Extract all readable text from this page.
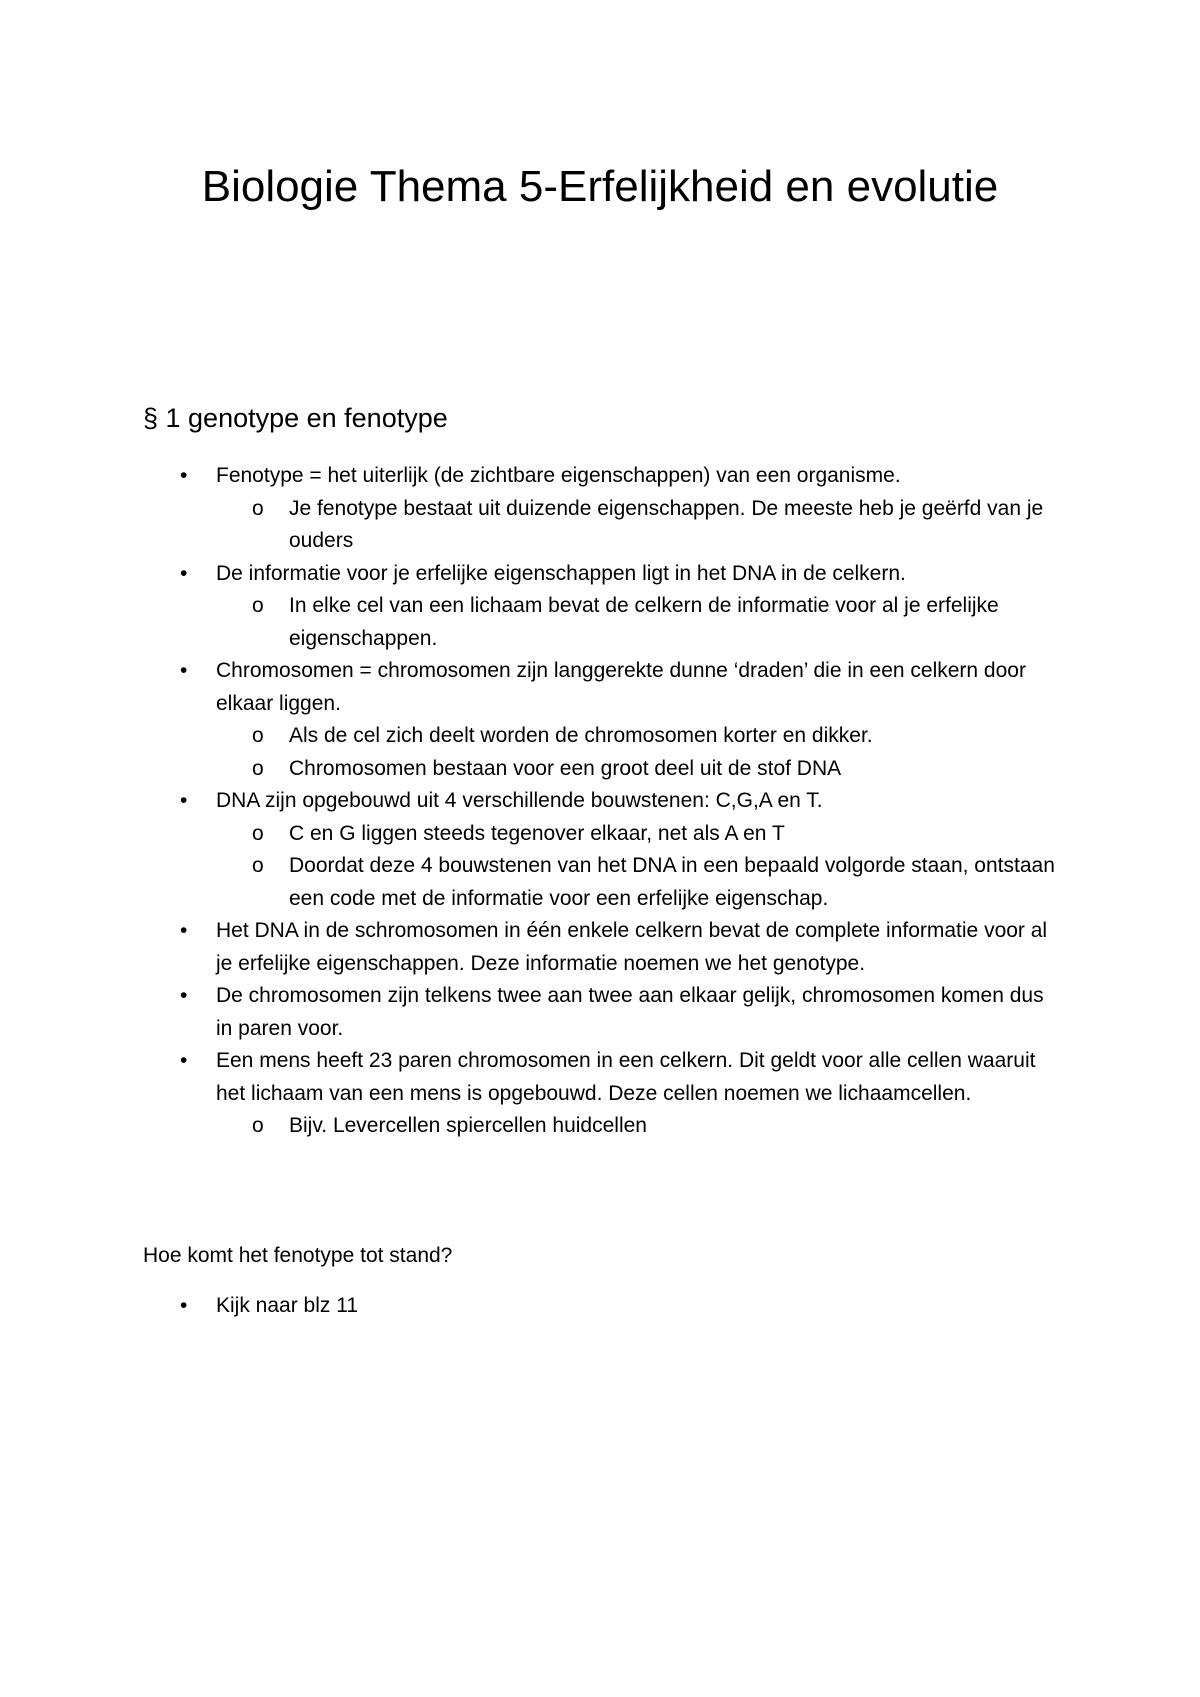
Biologie Thema 5-Erfelijkheid en evolutie
§ 1 genotype en fenotype
• Fenotype = het uiterlijk (de zichtbare eigenschappen) van een organisme.
o Je fenotype bestaat uit duizende eigenschappen. De meeste heb je geërfd van je ouders
• De informatie voor je erfelijke eigenschappen ligt in het DNA in de celkern.
o In elke cel van een lichaam bevat de celkern de informatie voor al je erfelijke eigenschappen.
• Chromosomen = chromosomen zijn langgerekte dunne ‘draden’ die in een celkern door elkaar liggen.
o Als de cel zich deelt worden de chromosomen korter en dikker.
o Chromosomen bestaan voor een groot deel uit de stof DNA
• DNA zijn opgebouwd uit 4 verschillende bouwstenen: C,G,A en T.
o C en G liggen steeds tegenover elkaar, net als A en T
o Doordat deze 4 bouwstenen van het DNA in een bepaald volgorde staan, ontstaan een code met de informatie voor een erfelijke eigenschap.
• Het DNA in de schromosomen in één enkele celkern bevat de complete informatie voor al je erfelijke eigenschappen. Deze informatie noemen we het genotype.
• De chromosomen zijn telkens twee aan twee aan elkaar gelijk, chromosomen komen dus in paren voor.
• Een mens heeft 23 paren chromosomen in een celkern. Dit geldt voor alle cellen waaruit het lichaam van een mens is opgebouwd. Deze cellen noemen we lichaamcellen.
o Bijv. Levercellen spiercellen huidcellen

Hoe komt het fenotype tot stand?

• Kijk naar blz 11
